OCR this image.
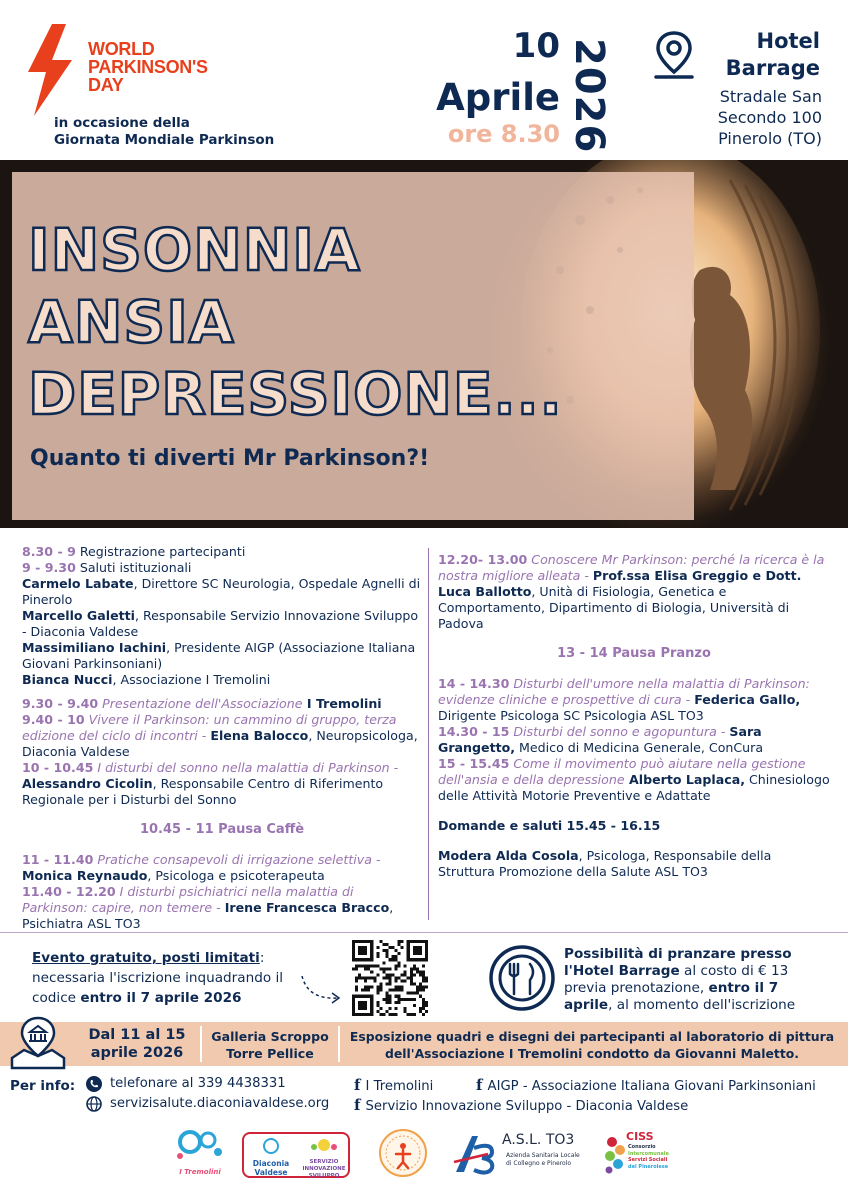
WORLD
PARKINSON'S
DAY
in occasione della
Giornata Mondiale Parkinson
10
Aprile
ore 8.30 2026	Hotel
Barrage
Stradale San
Secondo 100
Pinerolo (TO)
INSONNIA
ANSIA
DEPRESSIONE...
Quanto ti diverti Mr Parkinson?!

8.30 - 9 Registrazione partecipanti

9 - 9.30 Saluti istituzionali

Carmelo Labate, Direttore SC Neurologia, Ospedale Agnelli di Pinerolo

Marcello Galetti, Responsabile Servizio Innovazione Sviluppo - Diaconia Valdese

Massimiliano Iachini, Presidente AIGP (Associazione Italiana Giovani Parkinsoniani)

Bianca Nucci, Associazione I Tremolini

9.30 - 9.40 Presentazione dell'Associazione I Tremolini

9.40 - 10 Vivere il Parkinson: un cammino di gruppo, terza edizione del ciclo di incontri - Elena Balocco, Neuropsicologa, Diaconia Valdese

10 - 10.45 I disturbi del sonno nella malattia di Parkinson - Alessandro Cicolin, Responsabile Centro di Riferimento Regionale per i Disturbi del Sonno

10.45 - 11 Pausa Caffè

11 - 11.40 Pratiche consapevoli di irrigazione selettiva - Monica Reynaudo, Psicologa e psicoterapeuta

11.40 - 12.20 I disturbi psichiatrici nella malattia di Parkinson: capire, non temere - Irene Francesca Bracco, Psichiatra ASL TO3

12.20- 13.00 Conoscere Mr Parkinson: perché la ricerca è la nostra migliore alleata - Prof.ssa Elisa Greggio e Dott. Luca Ballotto, Unità di Fisiologia, Genetica e Comportamento, Dipartimento di Biologia, Università di Padova

13 - 14 Pausa Pranzo

14 - 14.30 Disturbi dell'umore nella malattia di Parkinson: evidenze cliniche e prospettive di cura - Federica Gallo, Dirigente Psicologa SC Psicologia ASL TO3

14.30 - 15 Disturbi del sonno e agopuntura - Sara Grangetto, Medico di Medicina Generale, ConCura

15 - 15.45 Come il movimento può aiutare nella gestione dell'ansia e della depressione Alberto Laplaca, Chinesiologo delle Attività Motorie Preventive e Adattate

Domande e saluti 15.45 - 16.15

Modera Alda Cosola, Psicologa, Responsabile della Struttura Promozione della Salute ASL TO3

Evento gratuito, posti limitati: necessaria l'iscrizione inquadrando il codice entro il 7 aprile 2026
Possibilità di pranzare presso l'Hotel Barrage al costo di € 13 previa prenotazione, entro il 7 aprile, al momento dell'iscrizione
Dal 11 al 15 aprile 2026
Galleria Scroppo Torre Pellice
Esposizione quadri e disegni dei partecipanti al laboratorio di pittura dell'Associazione I Tremolini condotto da Giovanni Maletto.
Per info:	telefonare al 339 4438331
servizisalute.diaconiavaldese.org
f I Tremolini	f AIGP - Associazione Italiana Giovani Parkinsoniani
f Servizio Innovazione Sviluppo - Diaconia Valdese
I Tremolini
Diaconia Valdese
SERVIZIO INNOVAZIONE SVILUPPO
A.S.L. TO3
Azienda Sanitaria Locale
di Collegno e Pinerolo
CISS
Consorzio
Intercomunale
Servizi Sociali
del Pinerolese
